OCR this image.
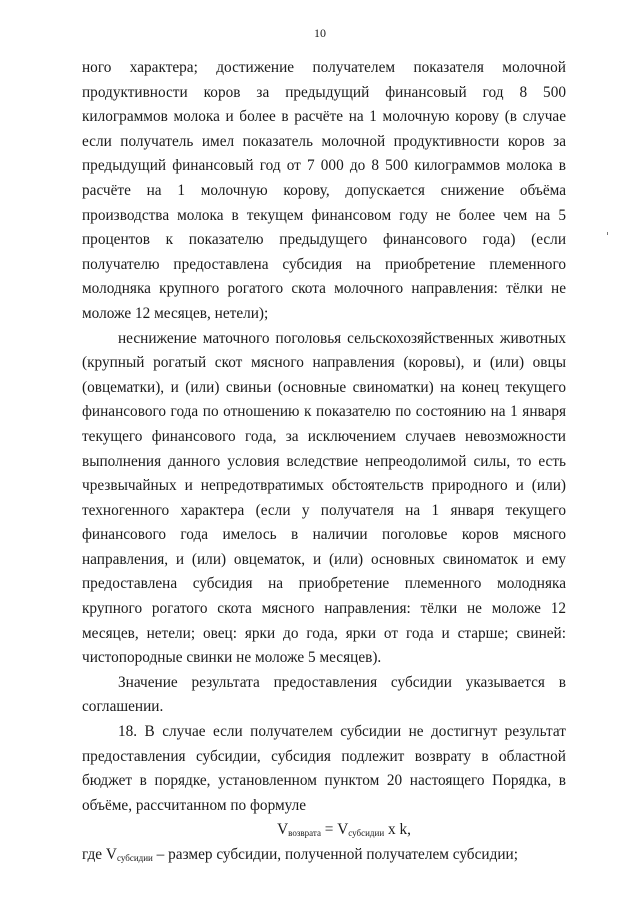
10

ного характера; достижение получателем показателя молочной продуктивности коров за предыдущий финансовый год 8 500 килограммов молока и более в расчёте на 1 молочную корову (в случае если получатель имел показатель молочной продуктивности коров за предыдущий финансовый год от 7 000 до 8 500 килограммов молока в расчёте на 1 молочную корову, допускается снижение объёма производства молока в текущем финансовом году не более чем на 5 процентов к показателю предыдущего финансового года) (если получателю предоставлена субсидия на приобретение племенного молодняка крупного рогатого скота молочного направления: тёлки не моложе 12 месяцев, нетели);

неснижение маточного поголовья сельскохозяйственных животных (крупный рогатый скот мясного направления (коровы), и (или) овцы (овцематки), и (или) свиньи (основные свиноматки) на конец текущего финансового года по отношению к показателю по состоянию на 1 января текущего финансового года, за исключением случаев невозможности выполнения данного условия вследствие непреодолимой силы, то есть чрезвычайных и непредотвратимых обстоятельств природного и (или) техногенного характера (если у получателя на 1 января текущего финансового года имелось в наличии поголовье коров мясного направления, и (или) овцематок, и (или) основных свиноматок и ему предоставлена субсидия на приобретение племенного молодняка крупного рогатого скота мясного направления: тёлки не моложе 12 месяцев, нетели; овец: ярки до года, ярки от года и старше; свиней: чистопородные свинки не моложе 5 месяцев).

Значение результата предоставления субсидии указывается в соглашении.

18. В случае если получателем субсидии не достигнут результат предоставления субсидии, субсидия подлежит возврату в областной бюджет в порядке, установленном пунктом 20 настоящего Порядка, в объёме, рассчитанном по формуле

$V_{возврата} = V_{субсидии}$ х k,

где $V_{субсидии}$ – размер субсидии, полученной получателем субсидии;
